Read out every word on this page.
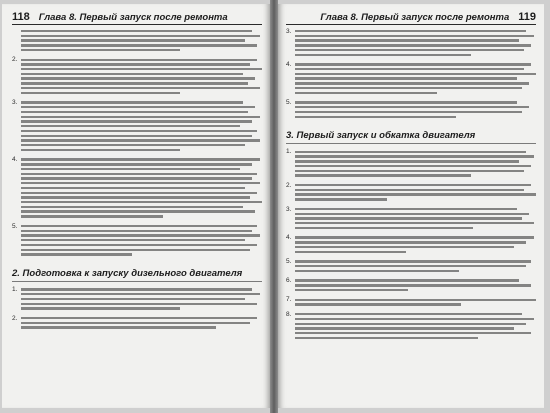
118 Глава 8. Первый запуск после ремонта
2.
3.
4.
5.
2. Подготовка к запуску дизельного двигателя
1.
2.
Глава 8. Первый запуск после ремонта 119
3.
4.
5.
3. Первый запуск и обкатка двигателя
1.
2.
3.
4.
5.
6.
7.
8.
